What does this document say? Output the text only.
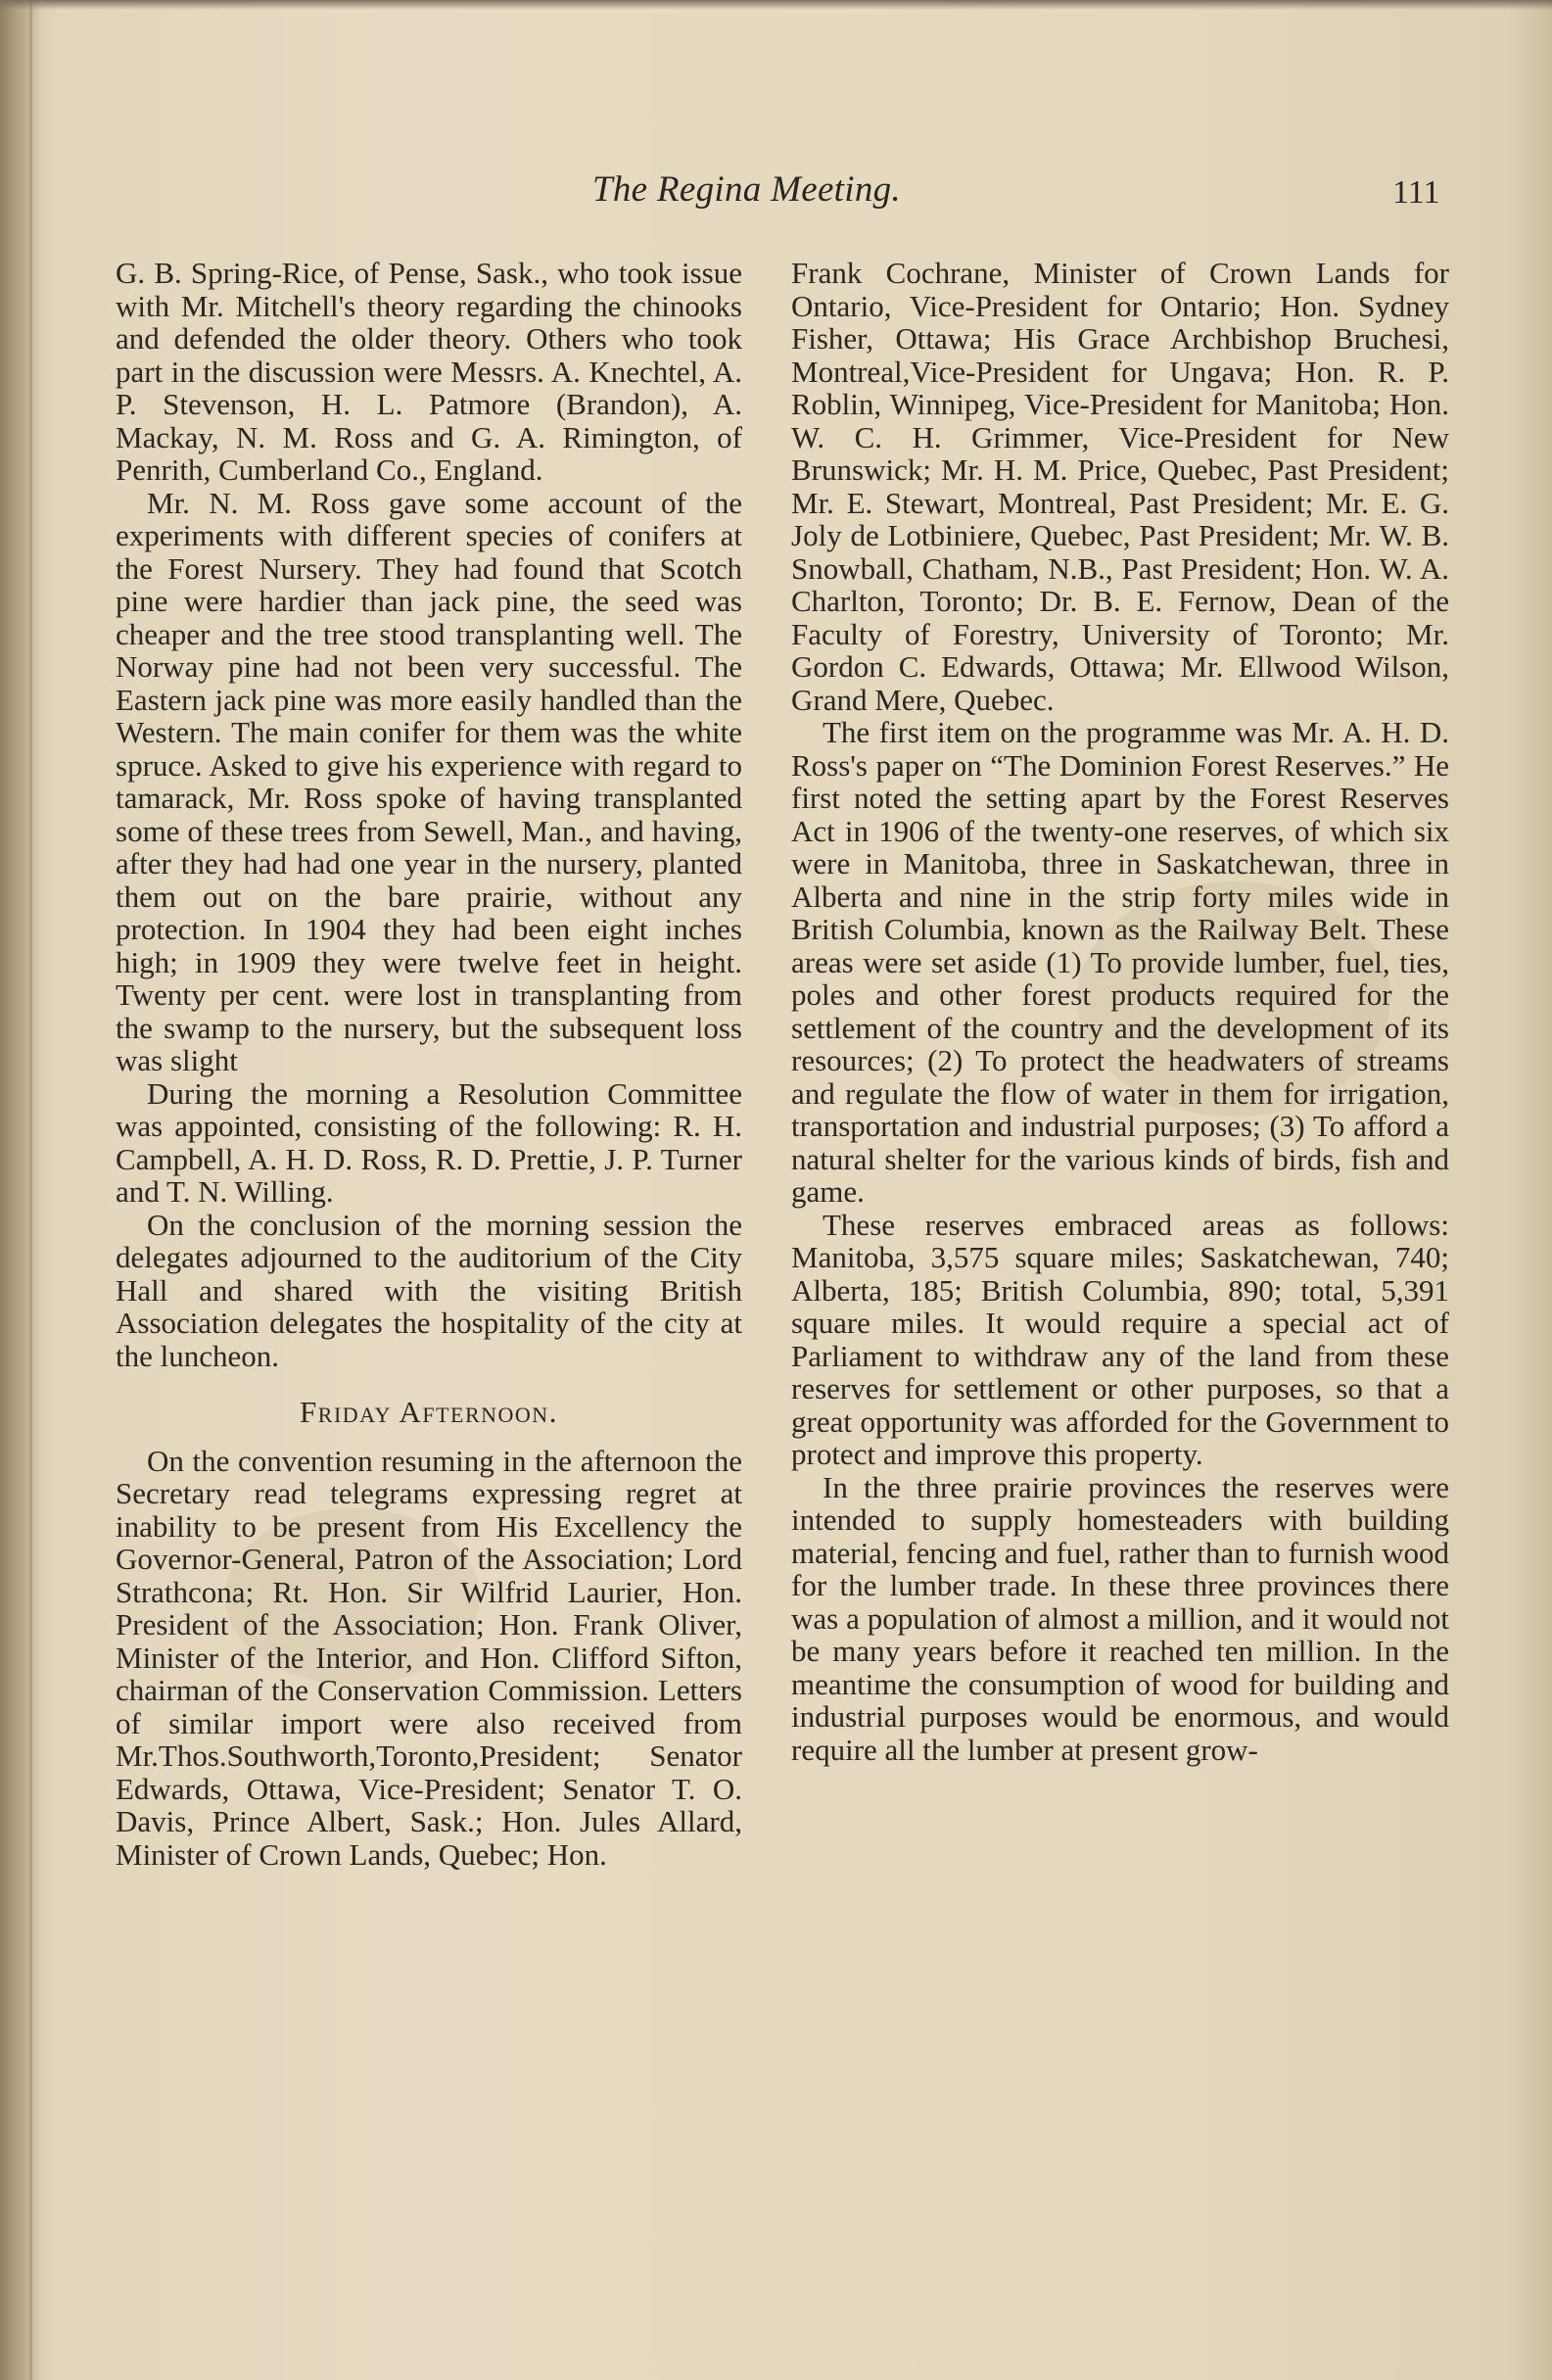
The Regina Meeting.	111

G. B. Spring-Rice, of Pense, Sask., who took issue with Mr. Mitchell's theory regarding the chinooks and defended the older theory. Others who took part in the discussion were Messrs. A. Knechtel, A. P. Stevenson, H. L. Patmore (Brandon), A. Mackay, N. M. Ross and G. A. Rimington, of Penrith, Cumberland Co., England.

Mr. N. M. Ross gave some account of the experiments with different species of conifers at the Forest Nursery. They had found that Scotch pine were hardier than jack pine, the seed was cheaper and the tree stood transplanting well. The Norway pine had not been very successful. The Eastern jack pine was more easily handled than the Western. The main conifer for them was the white spruce. Asked to give his experience with regard to tamarack, Mr. Ross spoke of having transplanted some of these trees from Sewell, Man., and having, after they had had one year in the nursery, planted them out on the bare prairie, without any protection. In 1904 they had been eight inches high; in 1909 they were twelve feet in height. Twenty per cent. were lost in transplanting from the swamp to the nursery, but the subsequent loss was slight

During the morning a Resolution Committee was appointed, consisting of the following: R. H. Campbell, A. H. D. Ross, R. D. Prettie, J. P. Turner and T. N. Willing.

On the conclusion of the morning session the delegates adjourned to the auditorium of the City Hall and shared with the visiting British Association delegates the hospitality of the city at the luncheon.

Friday Afternoon.

On the convention resuming in the afternoon the Secretary read telegrams expressing regret at inability to be present from His Excellency the Governor-General, Patron of the Association; Lord Strathcona; Rt. Hon. Sir Wilfrid Laurier, Hon. President of the Association; Hon. Frank Oliver, Minister of the Interior, and Hon. Clifford Sifton, chairman of the Conservation Commission. Letters of similar import were also received from Mr.Thos.Southworth,Toronto,President; Senator Edwards, Ottawa, Vice-President; Senator T. O. Davis, Prince Albert, Sask.; Hon. Jules Allard, Minister of Crown Lands, Quebec; Hon.

Frank Cochrane, Minister of Crown Lands for Ontario, Vice-President for Ontario; Hon. Sydney Fisher, Ottawa; His Grace Archbishop Bruchesi, Montreal,Vice-President for Ungava; Hon. R. P. Roblin, Winnipeg, Vice-President for Manitoba; Hon. W. C. H. Grimmer, Vice-President for New Brunswick; Mr. H. M. Price, Quebec, Past President; Mr. E. Stewart, Montreal, Past President; Mr. E. G. Joly de Lotbiniere, Quebec, Past President; Mr. W. B. Snowball, Chatham, N.B., Past President; Hon. W. A. Charlton, Toronto; Dr. B. E. Fernow, Dean of the Faculty of Forestry, University of Toronto; Mr. Gordon C. Edwards, Ottawa; Mr. Ellwood Wilson, Grand Mere, Quebec.

The first item on the programme was Mr. A. H. D. Ross's paper on “The Dominion Forest Reserves.” He first noted the setting apart by the Forest Reserves Act in 1906 of the twenty-one reserves, of which six were in Manitoba, three in Saskatchewan, three in Alberta and nine in the strip forty miles wide in British Columbia, known as the Railway Belt. These areas were set aside (1) To provide lumber, fuel, ties, poles and other forest products required for the settlement of the country and the development of its resources; (2) To protect the headwaters of streams and regulate the flow of water in them for irrigation, transportation and industrial purposes; (3) To afford a natural shelter for the various kinds of birds, fish and game.

These reserves embraced areas as follows: Manitoba, 3,575 square miles; Saskatchewan, 740; Alberta, 185; British Columbia, 890; total, 5,391 square miles. It would require a special act of Parliament to withdraw any of the land from these reserves for settlement or other purposes, so that a great opportunity was afforded for the Government to protect and improve this property.

In the three prairie provinces the reserves were intended to supply homesteaders with building material, fencing and fuel, rather than to furnish wood for the lumber trade. In these three provinces there was a population of almost a million, and it would not be many years before it reached ten million. In the meantime the consumption of wood for building and industrial purposes would be enormous, and would require all the lumber at present grow-
